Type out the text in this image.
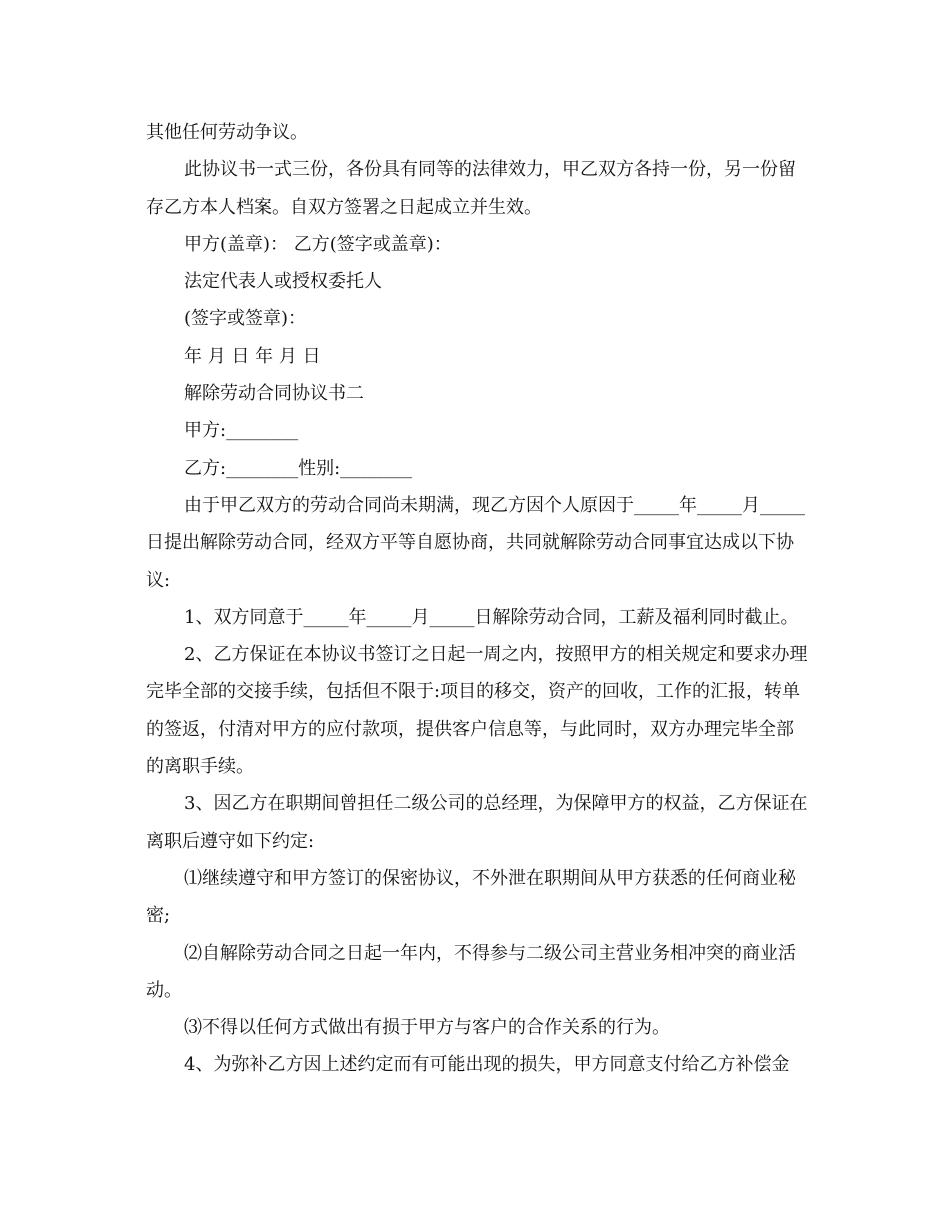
其他任何劳动争议。

此协议书一式三份，各份具有同等的法律效力，甲乙双方各持一份，另一份留存乙方本人档案。自双方签署之日起成立并生效。

甲方(盖章)： 乙方(签字或盖章)：

法定代表人或授权委托人

(签字或签章)：

年 月 日 年 月 日

解除劳动合同协议书二

甲方:________

乙方:________性别:________

由于甲乙双方的劳动合同尚未期满，现乙方因个人原因于_____年_____月_____日提出解除劳动合同，经双方平等自愿协商，共同就解除劳动合同事宜达成以下协议:

1、双方同意于_____年_____月_____日解除劳动合同，工薪及福利同时截止。

2、乙方保证在本协议书签订之日起一周之内，按照甲方的相关规定和要求办理完毕全部的交接手续，包括但不限于:项目的移交，资产的回收，工作的汇报，转单的签返，付清对甲方的应付款项，提供客户信息等，与此同时，双方办理完毕全部的离职手续。

3、因乙方在职期间曾担任二级公司的总经理，为保障甲方的权益，乙方保证在离职后遵守如下约定:

⑴继续遵守和甲方签订的保密协议，不外泄在职期间从甲方获悉的任何商业秘密;

⑵自解除劳动合同之日起一年内，不得参与二级公司主营业务相冲突的商业活动。

⑶不得以任何方式做出有损于甲方与客户的合作关系的行为。

4、为弥补乙方因上述约定而有可能出现的损失，甲方同意支付给乙方补偿金
